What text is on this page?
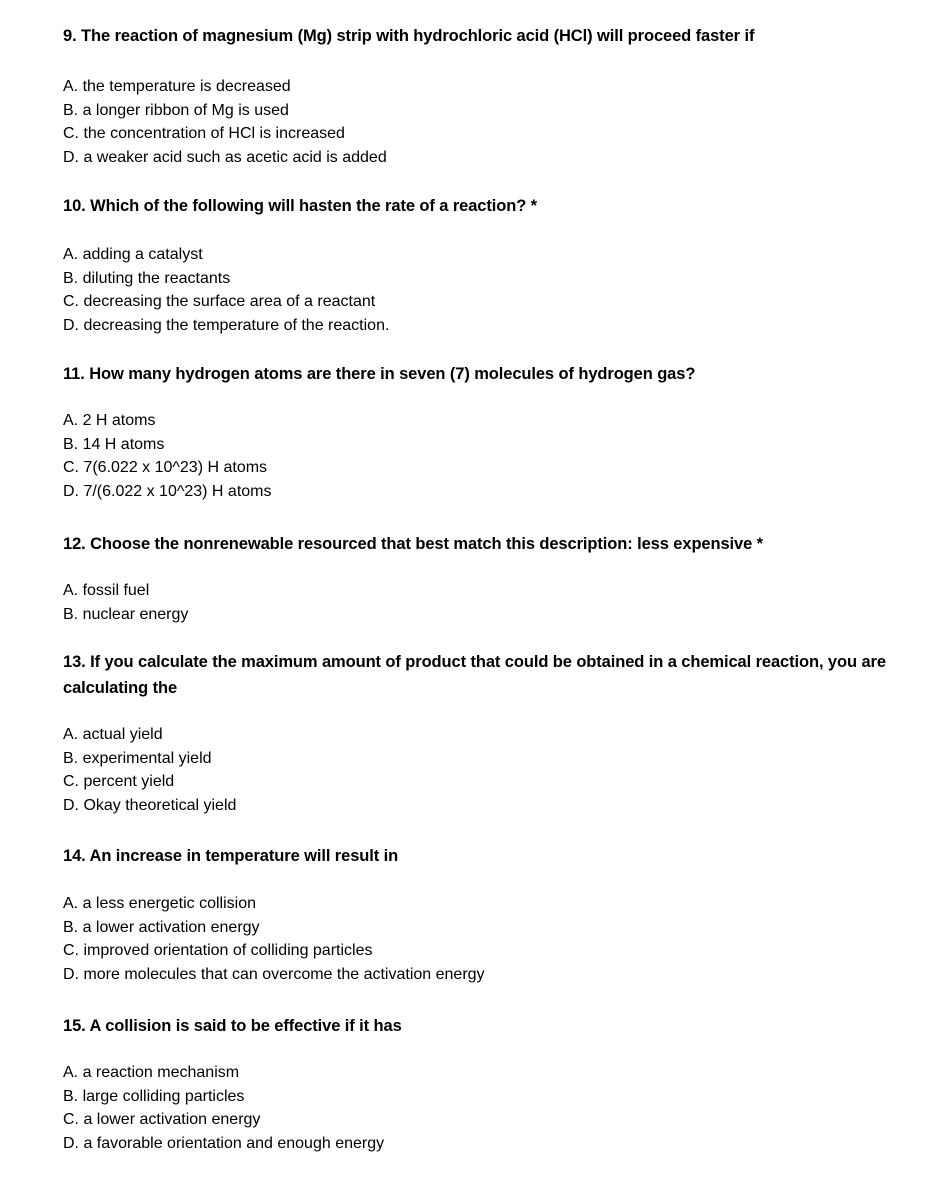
9. The reaction of magnesium (Mg) strip with hydrochloric acid (HCl) will proceed faster if

A. the temperature is decreased
B. a longer ribbon of Mg is used
C. the concentration of HCl is increased
D. a weaker acid such as acetic acid is added

10. Which of the following will hasten the rate of a reaction? *

A. adding a catalyst
B. diluting the reactants
C. decreasing the surface area of a reactant
D. decreasing the temperature of the reaction.

11. How many hydrogen atoms are there in seven (7) molecules of hydrogen gas?

A. 2 H atoms
B. 14 H atoms
C. 7(6.022 x 10^23) H atoms
D. 7/(6.022 x 10^23) H atoms

12. Choose the nonrenewable resourced that best match this description: less expensive *

A. fossil fuel
B. nuclear energy

13. If you calculate the maximum amount of product that could be obtained in a chemical reaction, you are calculating the

A. actual yield
B. experimental yield
C. percent yield
D. Okay theoretical yield

14. An increase in temperature will result in

A. a less energetic collision
B. a lower activation energy
C. improved orientation of colliding particles
D. more molecules that can overcome the activation energy

15. A collision is said to be effective if it has

A. a reaction mechanism
B. large colliding particles
C. a lower activation energy
D. a favorable orientation and enough energy
